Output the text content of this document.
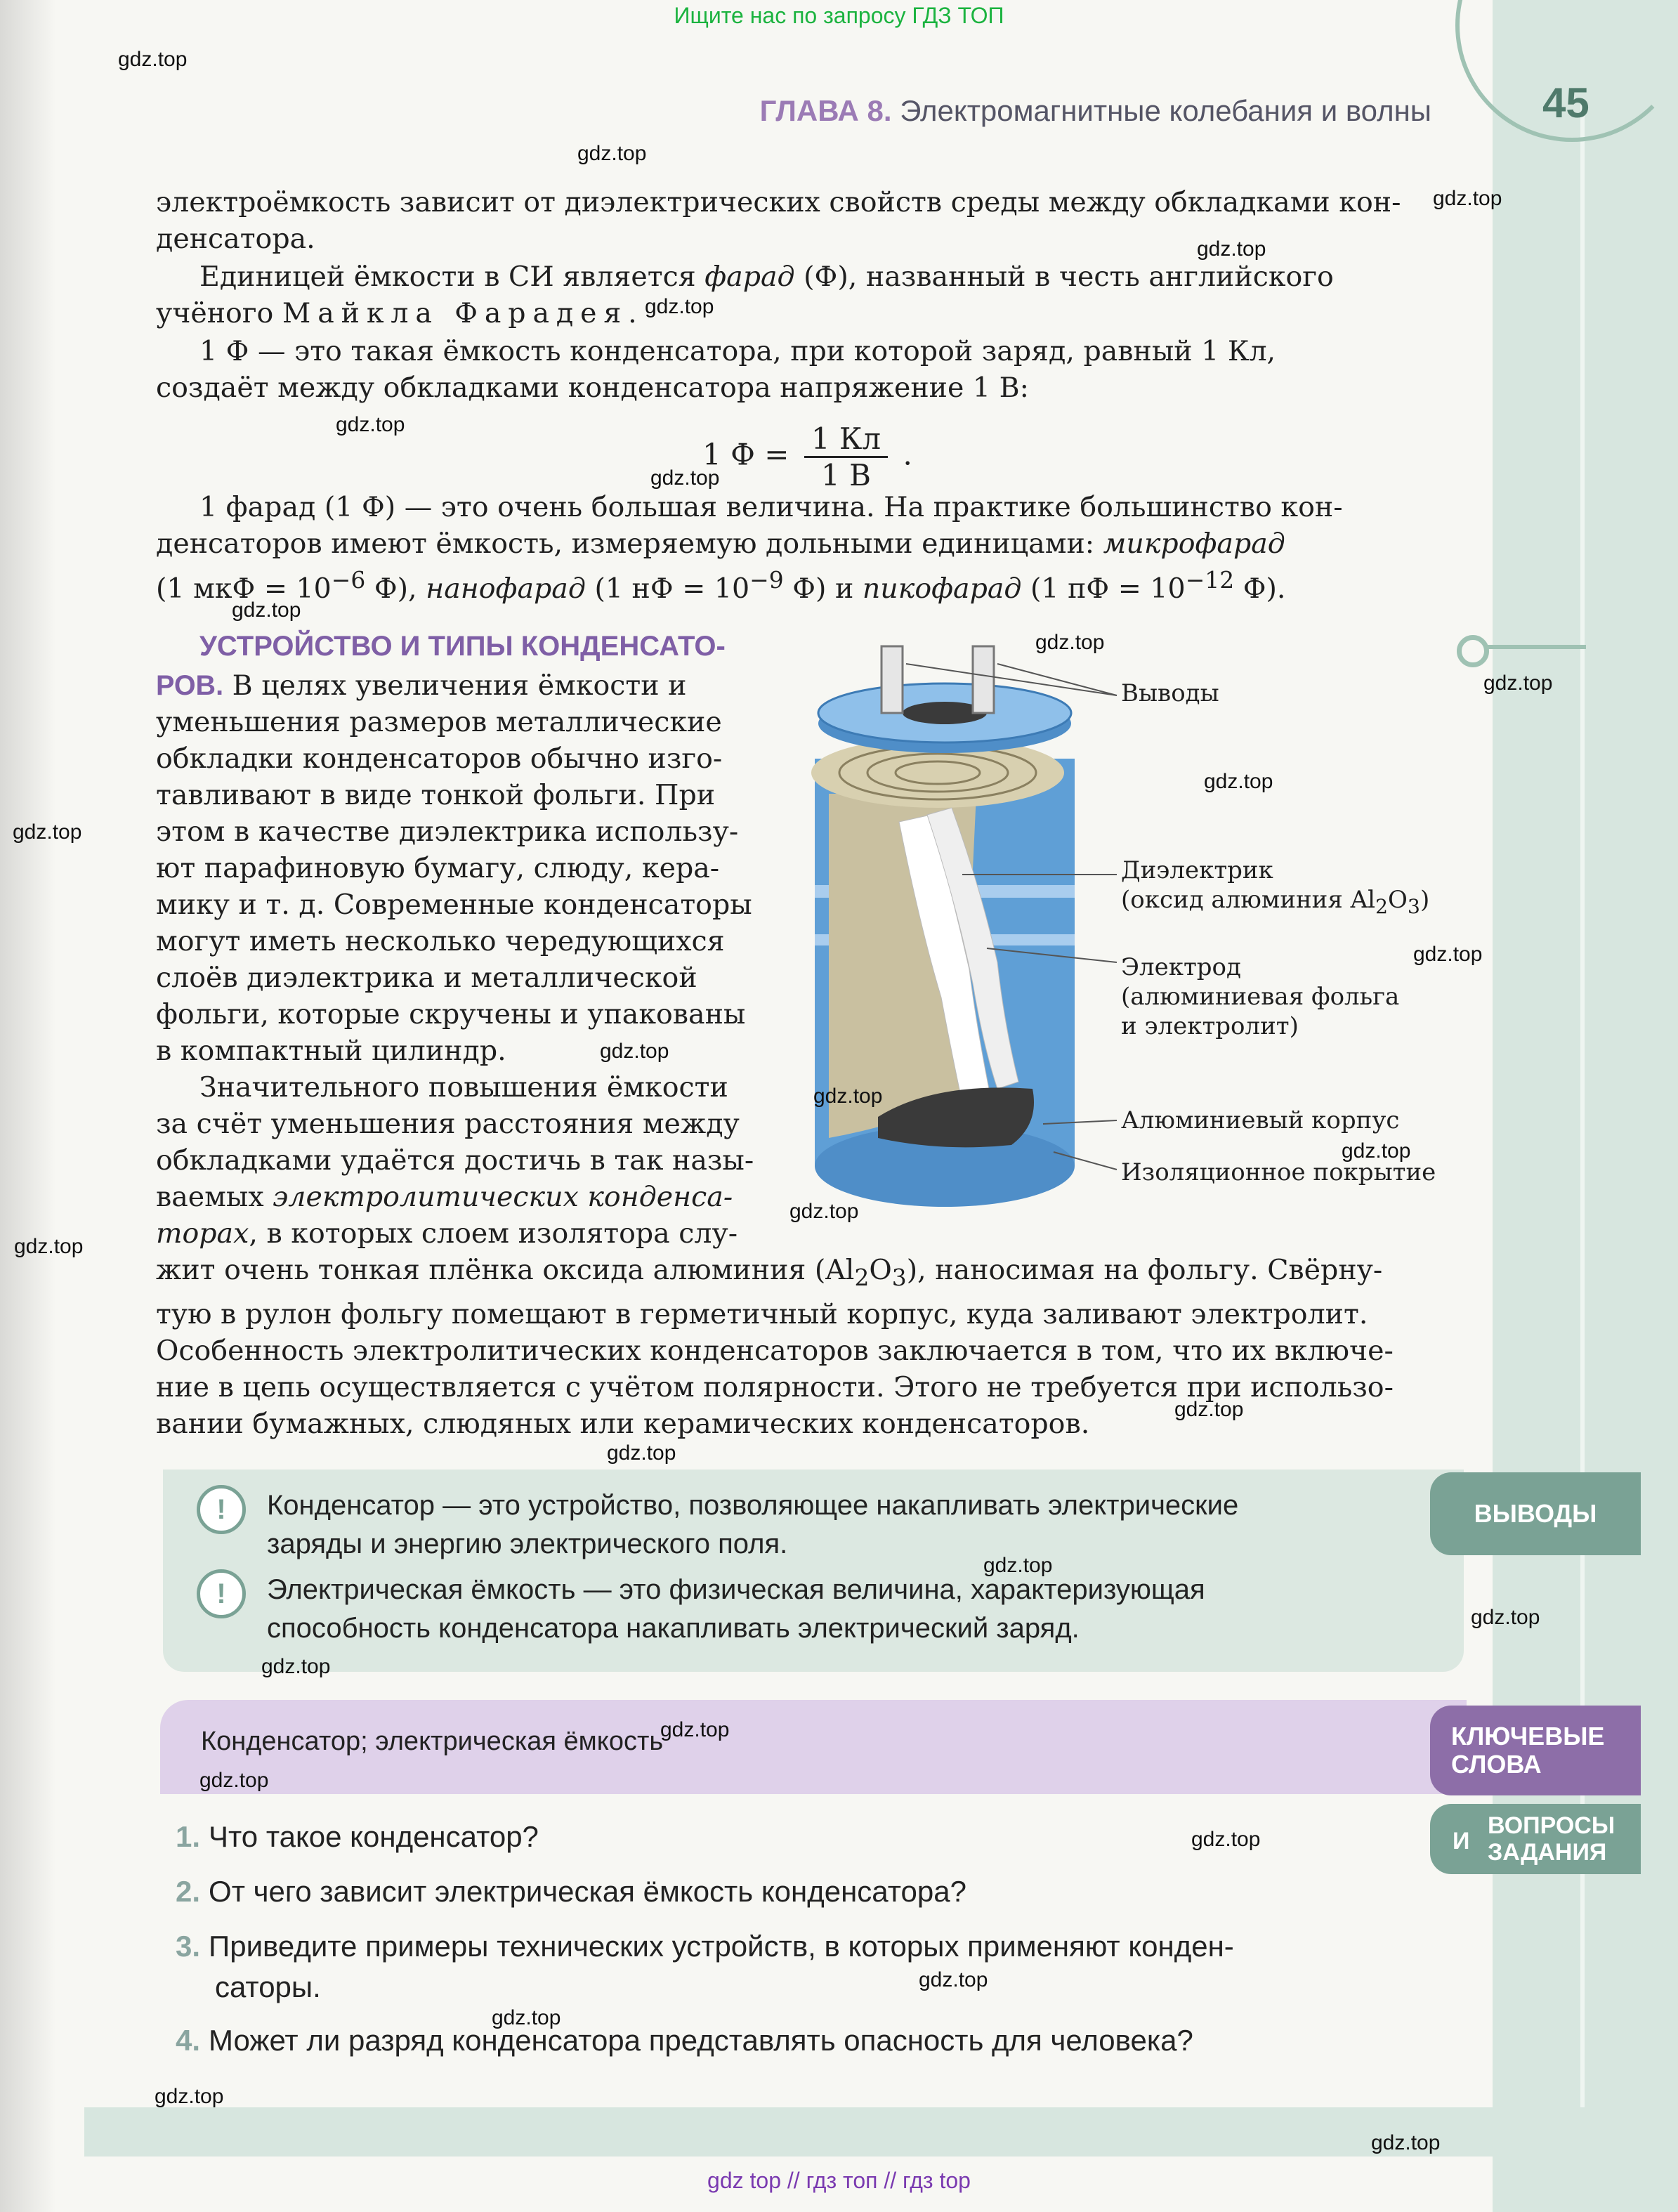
Ищите нас по запросу ГДЗ ТОП
ГЛАВА 8. Электромагнитные колебания и волны	45
электроёмкость зависит от диэлектрических свойств среды между обкладками кон-
денсатора.
Единицей ёмкости в СИ является фарад (Ф), названный в честь английского
учёного Майкла Фарадея.
1 Ф — это такая ёмкость конденсатора, при которой заряд, равный 1 Кл,
создаёт между обкладками конденсатора напряжение 1 В:
1 $Ф = \frac{1 Кл}{1 В}$ .
1 фарад (1 Ф) — это очень большая величина. На практике большинство кон-
денсаторов имеют ёмкость, измеряемую дольными единицами: микрофарад
(1 мкФ = $10^{-6}$ Ф), нанофарад (1 нФ = $10^{-9}$ Ф) и пикофарад (1 пФ = $10^{-12}$ Ф).
УСТРОЙСТВО И ТИПЫ КОНДЕНСАТО-
РОВ. В целях увеличения ёмкости и
уменьшения размеров металлические
обкладки конденсаторов обычно изго-
тавливают в виде тонкой фольги. При
этом в качестве диэлектрика использу-
ют парафиновую бумагу, слюду, кера-
мику и т. д. Современные конденсаторы
могут иметь несколько чередующихся
слоёв диэлектрика и металлической
фольги, которые скручены и упакованы
в компактный цилиндр.
Значительного повышения ёмкости
за счёт уменьшения расстояния между
обкладками удаётся достичь в так назы-
ваемых электролитических конденса-
торах, в которых слоем изолятора слу-
жит очень тонкая плёнка оксида алюминия $(Al_2O_3)$, наносимая на фольгу. Свёрну-
тую в рулон фольгу помещают в герметичный корпус, куда заливают электролит.
Особенность электролитических конденсаторов заключается в том, что их включе-
ние в цепь осуществляется с учётом полярности. Этого не требуется при использо-
вании бумажных, слюдяных или керамических конденсаторов.
Выводы
Диэлектрик
(оксид алюминия $Al_2O_3$)
Электрод
(алюминиевая фольга
и электролит)
Алюминиевый корпус
Изоляционное покрытие
ВЫВОДЫ
!	Конденсатор — это устройство, позволяющее накапливать электрические
заряды и энергию электрического поля.
!	Электрическая ёмкость — это физическая величина, характеризующая
способность конденсатора накапливать электрический заряд.
Конденсатор; электрическая ёмкость	КЛЮЧЕВЫЕ
СЛОВА
И
ВОПРОСЫ
ЗАДАНИЯ
1. Что такое конденсатор?
2. От чего зависит электрическая ёмкость конденсатора?
3. Приведите примеры технических устройств, в которых применяют конден-
саторы.
4. Может ли разряд конденсатора представлять опасность для человека?
gdz top // гдз топ // гдз top
gdz.top
gdz.top
gdz.top
gdz.top
gdz.top
gdz.top
gdz.top
gdz.top
gdz.top
gdz.top
gdz.top
gdz.top
gdz.top
gdz.top
gdz.top
gdz.top
gdz.top
gdz.top
gdz.top
gdz.top
gdz.top
gdz.top
gdz.top
gdz.top
gdz.top
gdz.top
gdz.top
gdz.top
gdz.top
gdz.top
